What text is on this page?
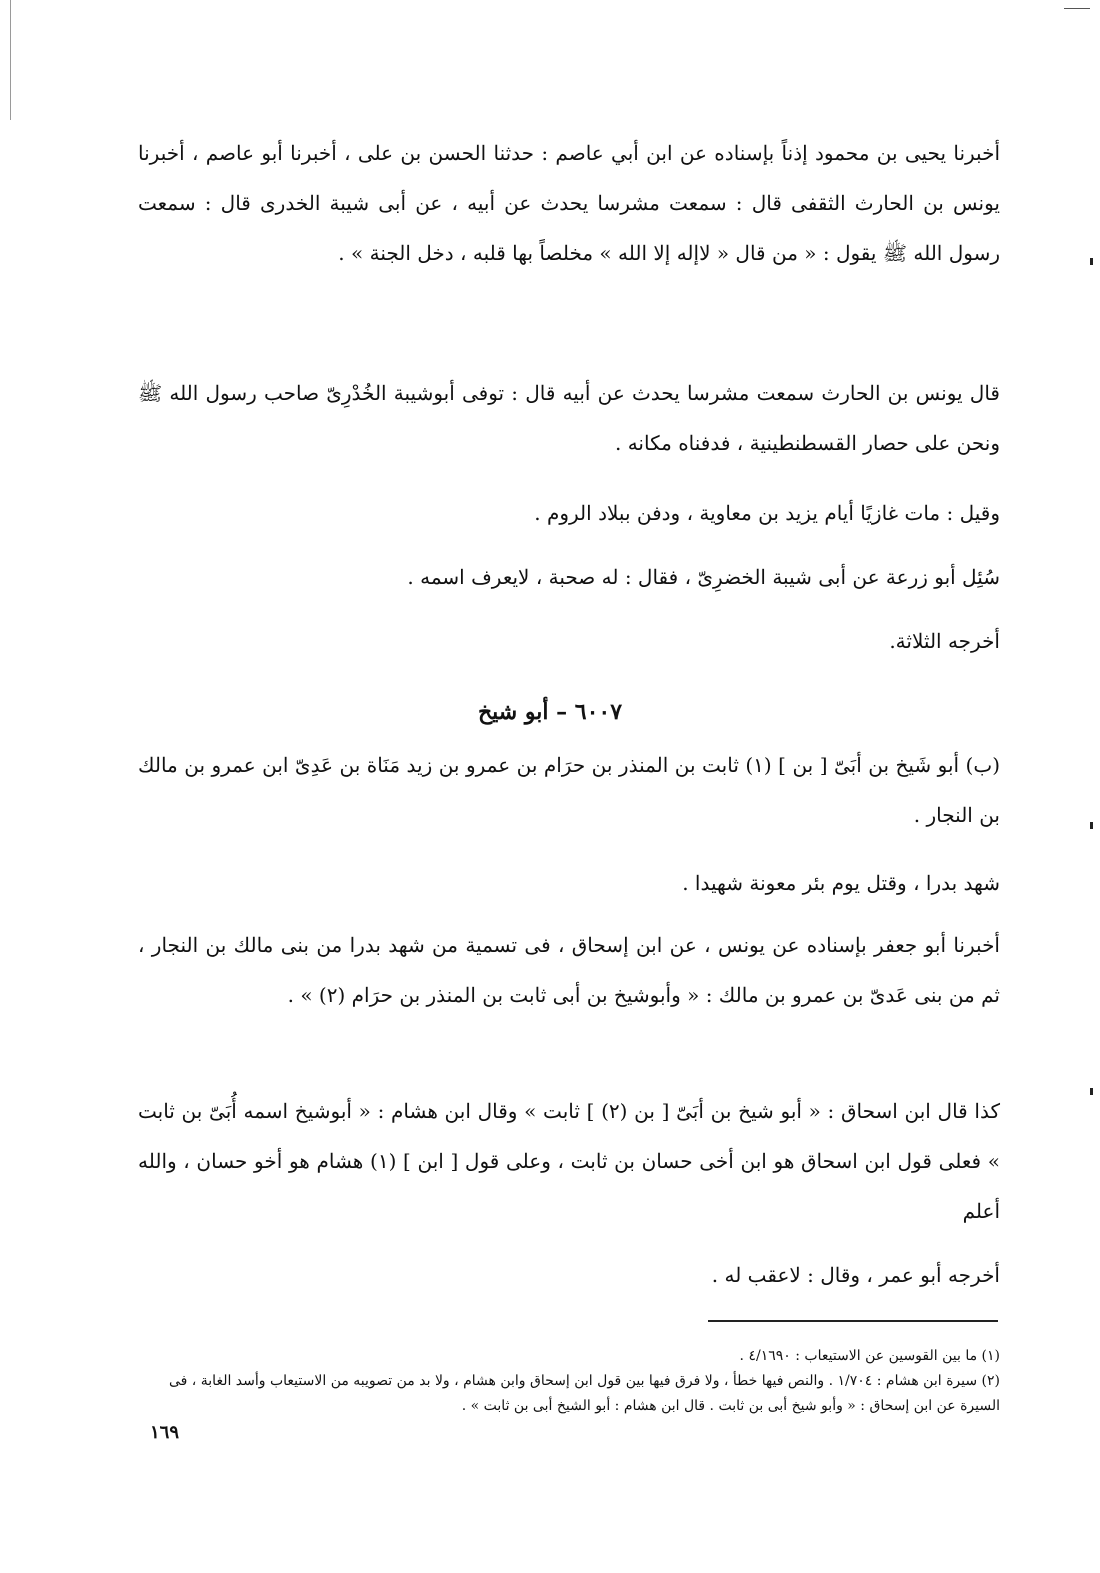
أخبرنا يحيى بن محمود إذناً بإسناده عن ابن أبي عاصم : حدثنا الحسن بن على ، أخبرنا أبو عاصم ، أخبرنا يونس بن الحارث الثقفى قال : سمعت مشرسا يحدث عن أبيه ، عن أبى شيبة الخدرى قال : سمعت رسول الله ﷺ يقول : « من قال « لاإله إلا الله » مخلصاً بها قلبه ، دخل الجنة » .

قال يونس بن الحارث سمعت مشرسا يحدث عن أبيه قال : توفى أبوشيبة الخُدْرِىّ صاحب رسول الله ﷺ ونحن على حصار القسطنطينية ، فدفناه مكانه .

وقيل : مات غازيًا أيام يزيد بن معاوية ، ودفن ببلاد الروم .

سُئِل أبو زرعة عن أبى شيبة الخضرِىّ ، فقال : له صحبة ، لايعرف اسمه .

أخرجه الثلاثة.

٦٠٠٧ – أبو شيخ

(ب) أبو شَيخ بن أبَىّ [ بن ] (١) ثابت بن المنذر بن حرَام بن عمرو بن زيد مَنَاة بن عَدِىّ ابن عمرو بن مالك بن النجار .

شهد بدرا ، وقتل يوم بئر معونة شهيدا .

أخبرنا أبو جعفر بإسناده عن يونس ، عن ابن إسحاق ، فى تسمية من شهد بدرا من بنى مالك بن النجار ، ثم من بنى عَدىّ بن عمرو بن مالك : « وأبوشيخ بن أبى ثابت بن المنذر بن حرَام (٢) » .

كذا قال ابن اسحاق : « أبو شيخ بن أبَىّ [ بن (٢) ] ثابت » وقال ابن هشام : « أبوشيخ اسمه أُبَىّ بن ثابت » فعلى قول ابن اسحاق هو ابن أخى حسان بن ثابت ، وعلى قول [ ابن ] (١) هشام هو أخو حسان ، والله أعلم

أخرجه أبو عمر ، وقال : لاعقب له .

(١) ما بين القوسين عن الاستيعاب : ٤/١٦٩٠ .

(٢) سيرة ابن هشام : ١/٧٠٤ . والنص فيها خطأ ، ولا فرق فيها بين قول ابن إسحاق وابن هشام ، ولا بد من تصويبه من الاستيعاب وأسد الغابة ، فى السيرة عن ابن إسحاق : « وأبو شيخ أبى بن ثابت . قال ابن هشام : أبو الشيخ أبى بن ثابت » .

١٦٩
